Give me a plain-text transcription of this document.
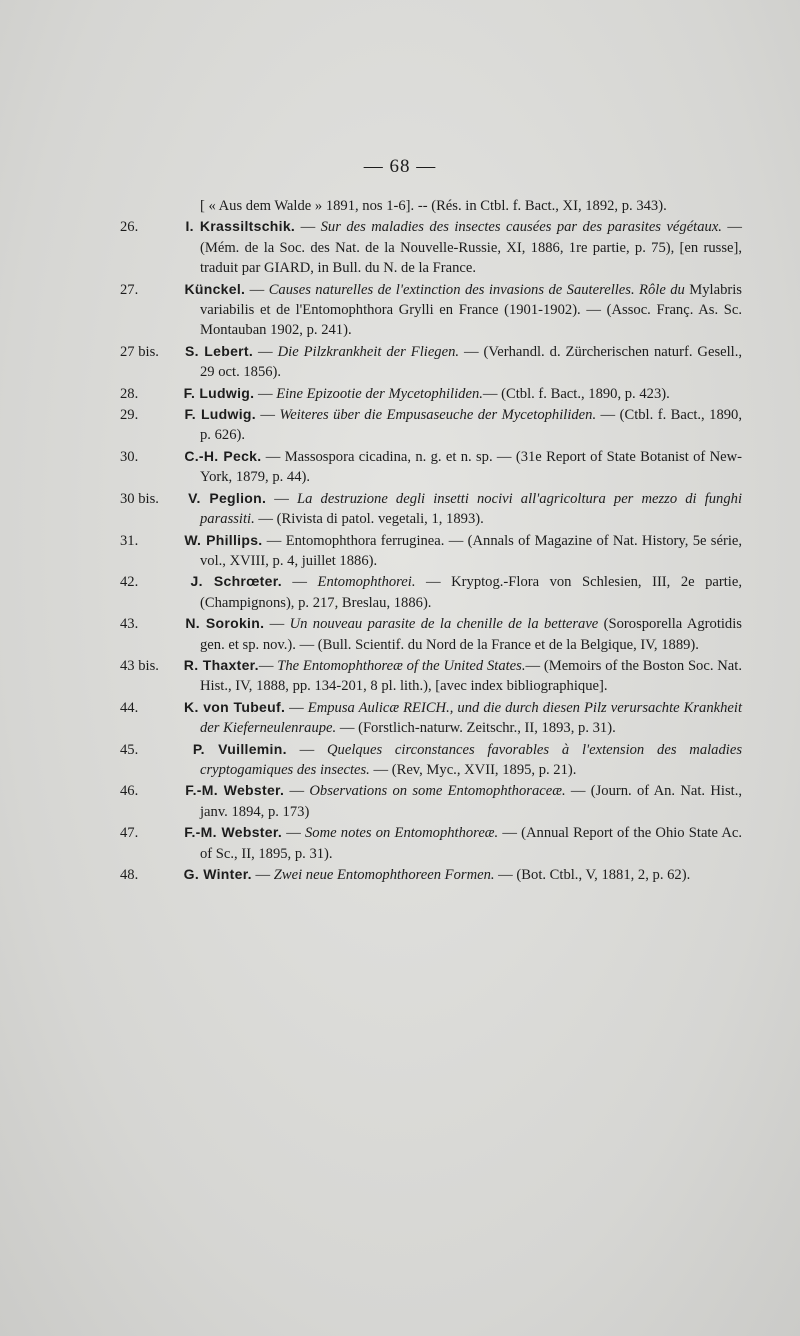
— 68 —

[ « Aus dem Walde » 1891, nos 1-6]. -- (Rés. in Ctbl. f. Bact., XI, 1892, p. 343).

26.	I. Krassiltschik. — Sur des maladies des insectes causées par des parasites végétaux. — (Mém. de la Soc. des Nat. de la Nouvelle-Russie, XI, 1886, 1re partie, p. 75), [en russe], traduit par GIARD, in Bull. du N. de la France.

27.	Künckel. — Causes naturelles de l'extinction des invasions de Sauterelles. Rôle du Mylabris variabilis et de l'Entomophthora Grylli en France (1901-1902). — (Assoc. Franç. As. Sc. Montauban 1902, p. 241).

27 bis. S. Lebert. — Die Pilzkrankheit der Fliegen. — (Verhandl. d. Zürcherischen naturf. Gesell., 29 oct. 1856).

28.	F. Ludwig. — Eine Epizootie der Mycetophiliden.— (Ctbl. f. Bact., 1890, p. 423).

29.	F. Ludwig. — Weiteres über die Empusaseuche der Mycetophiliden. — (Ctbl. f. Bact., 1890, p. 626).

30.	C.-H. Peck. — Massospora cicadina, n. g. et n. sp. — (31e Report of State Botanist of New-York, 1879, p. 44).

30 bis. V. Peglion. — La destruzione degli insetti nocivi all'agricoltura per mezzo di funghi parassiti. — (Rivista di patol. vegetali, 1, 1893).

31.	W. Phillips. — Entomophthora ferruginea. — (Annals of Magazine of Nat. History, 5e série, vol., XVIII, p. 4, juillet 1886).

42.	J. Schrœter. — Entomophthorei. — Kryptog.-Flora von Schlesien, III, 2e partie, (Champignons), p. 217, Breslau, 1886).

43.	N. Sorokin. — Un nouveau parasite de la chenille de la betterave (Sorosporella Agrotidis gen. et sp. nov.). — (Bull. Scientif. du Nord de la France et de la Belgique, IV, 1889).

43 bis. R. Thaxter.— The Entomophthoreæ of the United States.— (Memoirs of the Boston Soc. Nat. Hist., IV, 1888, pp. 134-201, 8 pl. lith.), [avec index bibliographique].

44.	K. von Tubeuf. — Empusa Aulicæ REICH., und die durch diesen Pilz verursachte Krankheit der Kieferneulenraupe. — (Forstlich-naturw. Zeitschr., II, 1893, p. 31).

45.	P. Vuillemin. — Quelques circonstances favorables à l'extension des maladies cryptogamiques des insectes. — (Rev, Myc., XVII, 1895, p. 21).

46.	F.-M. Webster. — Observations on some Entomophthoraceæ. — (Journ. of An. Nat. Hist., janv. 1894, p. 173)

47.	F.-M. Webster. — Some notes on Entomophthoreæ. — (Annual Report of the Ohio State Ac. of Sc., II, 1895, p. 31).

48.	G. Winter. — Zwei neue Entomophthoreen Formen. — (Bot. Ctbl., V, 1881, 2, p. 62).
